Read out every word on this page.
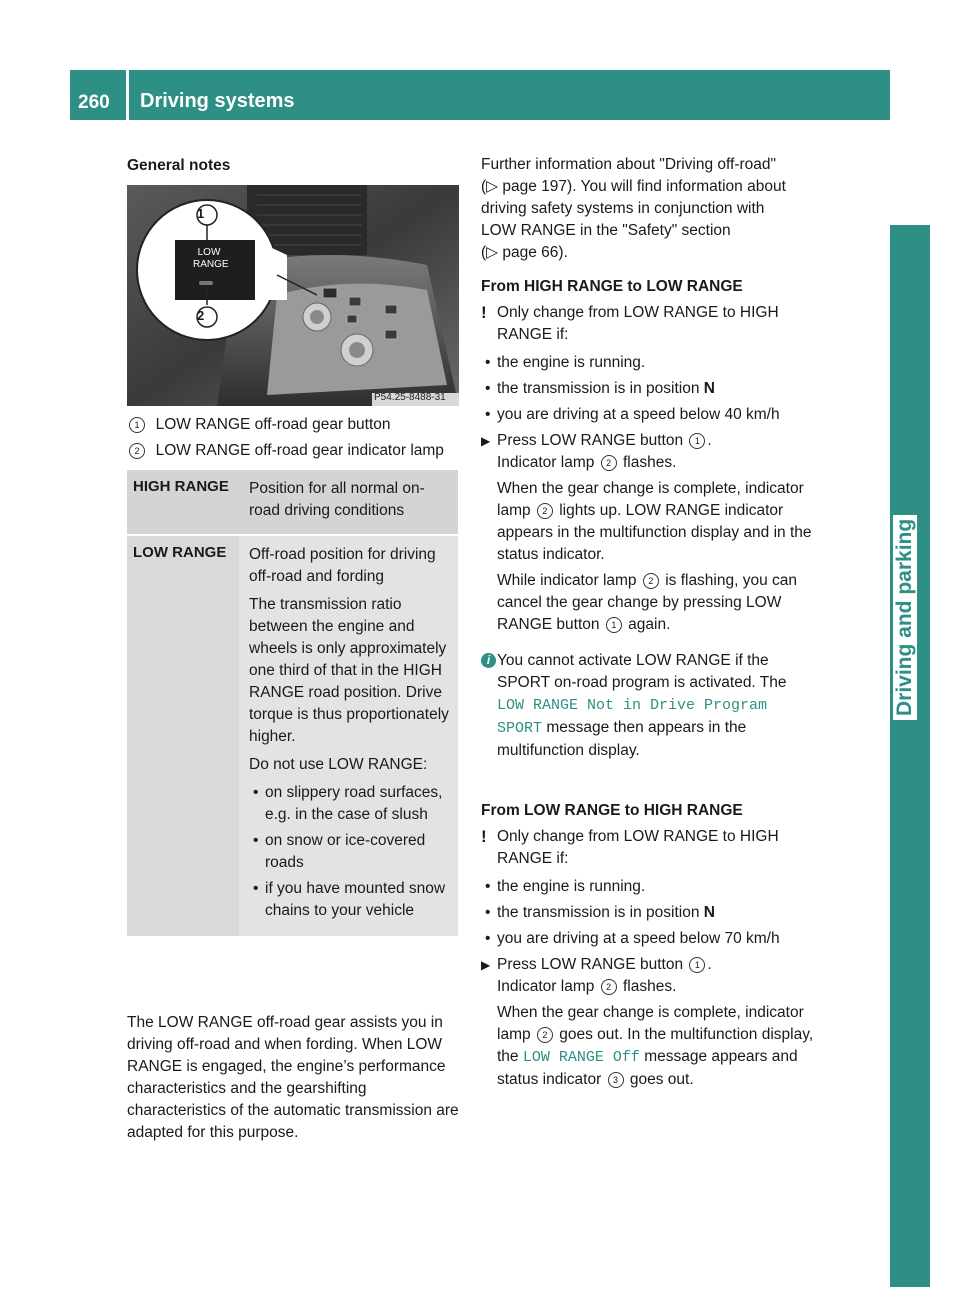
260 Driving systems
Driving and parking
General notes
1
2
LOW
RANGE
P54.25-8488-31
1 LOW RANGE off-road gear button
2 LOW RANGE off-road gear indicator lamp
HIGH RANGE	Position for all normal on-road driving conditions
LOW RANGE	Off-road position for driving off-road and fording

The transmission ratio between the engine and wheels is only approximately one third of that in the HIGH RANGE road position. Drive torque is thus proportionately higher.

Do not use LOW RANGE:

• on slippery road surfaces, e.g. in the case of slush
• on snow or ice-covered roads
• if you have mounted snow chains to your vehicle
The LOW RANGE off-road gear assists you in driving off-road and when fording. When LOW RANGE is engaged, the engine’s performance characteristics and the gearshifting characteristics of the automatic transmission are adapted for this purpose.
Further information about "Driving off-road"
(▷ page 197). You will find information about
driving safety systems in conjunction with
LOW RANGE in the "Safety" section
(▷ page 66).
From HIGH RANGE to LOW RANGE
! Only change from LOW RANGE to HIGH RANGE if:
• the engine is running.
• the transmission is in position N
• you are driving at a speed below 40 km/h
▶ Press LOW RANGE button 1 .
Indicator lamp 2 flashes.
When the gear change is complete, indicator lamp 2 lights up. LOW RANGE indicator appears in the multifunction display and in the status indicator.
While indicator lamp 2 is flashing, you can cancel the gear change by pressing LOW RANGE button 1 again.
i You cannot activate LOW RANGE if the SPORT on-road program is activated. The LOW RANGE Not in Drive Program SPORT message then appears in the multifunction display.
From LOW RANGE to HIGH RANGE
! Only change from LOW RANGE to HIGH RANGE if:
• the engine is running.
• the transmission is in position N
• you are driving at a speed below 70 km/h
▶ Press LOW RANGE button 1 .
Indicator lamp 2 flashes.
When the gear change is complete, indicator lamp 2 goes out. In the multifunction display, the LOW RANGE Off message appears and status indicator 3 goes out.
